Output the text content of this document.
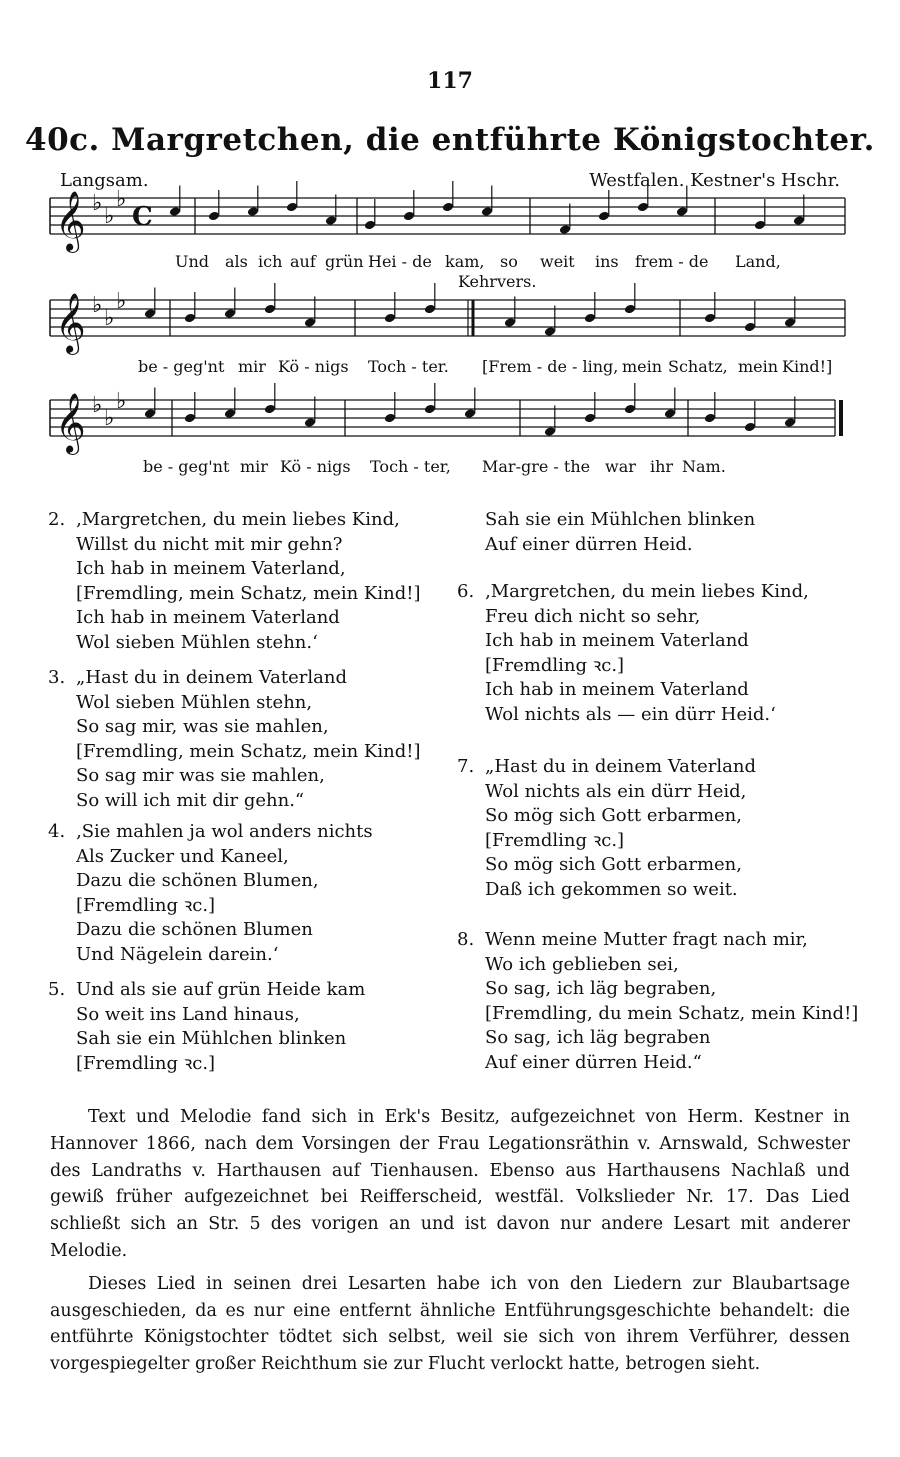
117
40c. Margretchen, die entführte Königstochter.
Langsam.	Westfalen. Kestner's Hschr.
Kehrvers.
𝄞 ♭
♭
♭
C
𝄞 ♭
♭
♭
𝄞 ♭
♭
♭
Und als ich auf grün Hei - de kam, so weit ins frem - de Land,
be - geg'nt mir Kö - nigs Toch - ter. [Frem - de - ling, mein Schatz, mein Kind!]
be - geg'nt mir Kö - nigs Toch - ter, Mar-gre - the war ihr Nam.
2. ‚Margretchen, du mein liebes Kind,
Willst du nicht mit mir gehn?
Ich hab in meinem Vaterland,
[Fremdling, mein Schatz, mein Kind!]
Ich hab in meinem Vaterland
Wol sieben Mühlen stehn.‘
3. „Hast du in deinem Vaterland
Wol sieben Mühlen stehn,
So sag mir, was sie mahlen,
[Fremdling, mein Schatz, mein Kind!]
So sag mir was sie mahlen,
So will ich mit dir gehn.“
4. ‚Sie mahlen ja wol anders nichts
Als Zucker und Kaneel,
Dazu die schönen Blumen,
[Fremdling ꝛc.]
Dazu die schönen Blumen
Und Nägelein darein.‘
5. Und als sie auf grün Heide kam
So weit ins Land hinaus,
Sah sie ein Mühlchen blinken
[Fremdling ꝛc.]
Sah sie ein Mühlchen blinken
Auf einer dürren Heid.
6. ‚Margretchen, du mein liebes Kind,
Freu dich nicht so sehr,
Ich hab in meinem Vaterland
[Fremdling ꝛc.]
Ich hab in meinem Vaterland
Wol nichts als — ein dürr Heid.‘
7. „Hast du in deinem Vaterland
Wol nichts als ein dürr Heid,
So mög sich Gott erbarmen,
[Fremdling ꝛc.]
So mög sich Gott erbarmen,
Daß ich gekommen so weit.
8. Wenn meine Mutter fragt nach mir,
Wo ich geblieben sei,
So sag, ich läg begraben,
[Fremdling, du mein Schatz, mein Kind!]
So sag, ich läg begraben
Auf einer dürren Heid.“

Text und Melodie fand sich in Erk's Besitz, aufgezeichnet von Herm. Kestner in Hannover 1866, nach dem Vorsingen der Frau Legationsräthin v. Arnswald, Schwester des Landraths v. Harthausen auf Tienhausen. Ebenso aus Harthausens Nachlaß und gewiß früher aufgezeichnet bei Reifferscheid, westfäl. Volkslieder Nr. 17. Das Lied schließt sich an Str. 5 des vorigen an und ist davon nur andere Lesart mit anderer Melodie.

Dieses Lied in seinen drei Lesarten habe ich von den Liedern zur Blaubartsage ausgeschieden, da es nur eine entfernt ähnliche Entführungsgeschichte behandelt: die entführte Königstochter tödtet sich selbst, weil sie sich von ihrem Verführer, dessen vorgespiegelter großer Reichthum sie zur Flucht verlockt hatte, betrogen sieht.
